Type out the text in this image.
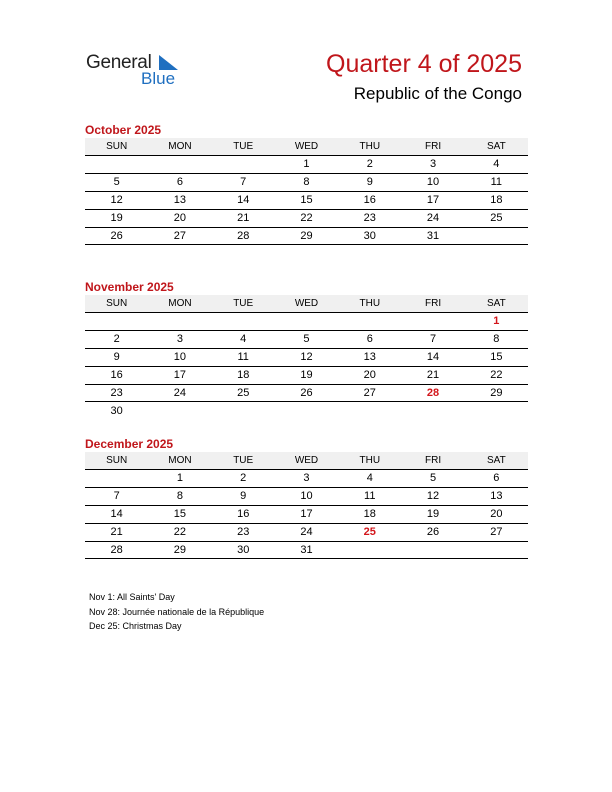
General
Blue
Quarter 4 of 2025
Republic of the Congo
October 2025
SUN	MON	TUE	WED	THU	FRI	SAT
			1	2	3	4
5	6	7	8	9	10	11
12	13	14	15	16	17	18
19	20	21	22	23	24	25
26	27	28	29	30	31	
November 2025
SUN	MON	TUE	WED	THU	FRI	SAT
						1
2	3	4	5	6	7	8
9	10	11	12	13	14	15
16	17	18	19	20	21	22
23	24	25	26	27	28	29
30						
December 2025
SUN	MON	TUE	WED	THU	FRI	SAT
	1	2	3	4	5	6
7	8	9	10	11	12	13
14	15	16	17	18	19	20
21	22	23	24	25	26	27
28	29	30	31			
Nov 1: All Saints' Day
Nov 28: Journée nationale de la République
Dec 25: Christmas Day
